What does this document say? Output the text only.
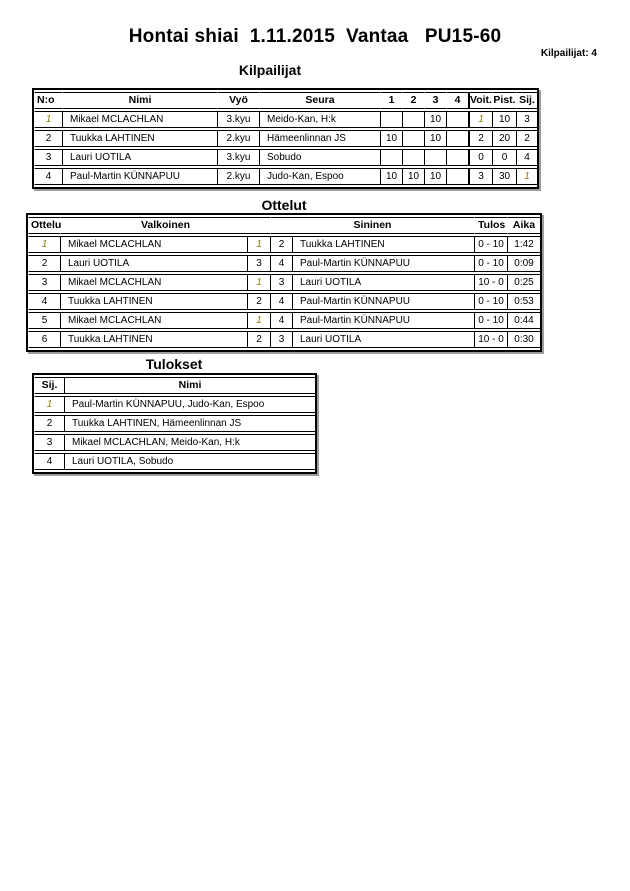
Hontai shiai  1.11.2015  Vantaa   PU15-60
Kilpailijat: 4
Kilpailijat
N:o	Nimi	Vyö	Seura	1	2	3	4	Voit.	Pist.	Sij.
1	Mikael MCLACHLAN	3.kyu	Meido-Kan, H:k			10		1	10	3
2	Tuukka LAHTINEN	2.kyu	Hämeenlinnan JS	10		10		2	20	2
3	Lauri UOTILA	3.kyu	Sobudo					0	0	4
4	Paul-Martin KÜNNAPUU	2.kyu	Judo-Kan, Espoo	10	10	10		3	30	1
Ottelut
Ottelu	Valkoinen		Sininen		Tulos	Aika
1	Mikael MCLACHLAN	1	2	Tuukka LAHTINEN	0 - 10	1:42
2	Lauri UOTILA	3	4	Paul-Martin KÜNNAPUU	0 - 10	0:09
3	Mikael MCLACHLAN	1	3	Lauri UOTILA	10 - 0	0:25
4	Tuukka LAHTINEN	2	4	Paul-Martin KÜNNAPUU	0 - 10	0:53
5	Mikael MCLACHLAN	1	4	Paul-Martin KÜNNAPUU	0 - 10	0:44
6	Tuukka LAHTINEN	2	3	Lauri UOTILA	10 - 0	0:30
Tulokset
Sij.	Nimi
1	Paul-Martin KÜNNAPUU, Judo-Kan, Espoo
2	Tuukka LAHTINEN, Hämeenlinnan JS
3	Mikael MCLACHLAN, Meido-Kan, H:k
4	Lauri UOTILA, Sobudo
